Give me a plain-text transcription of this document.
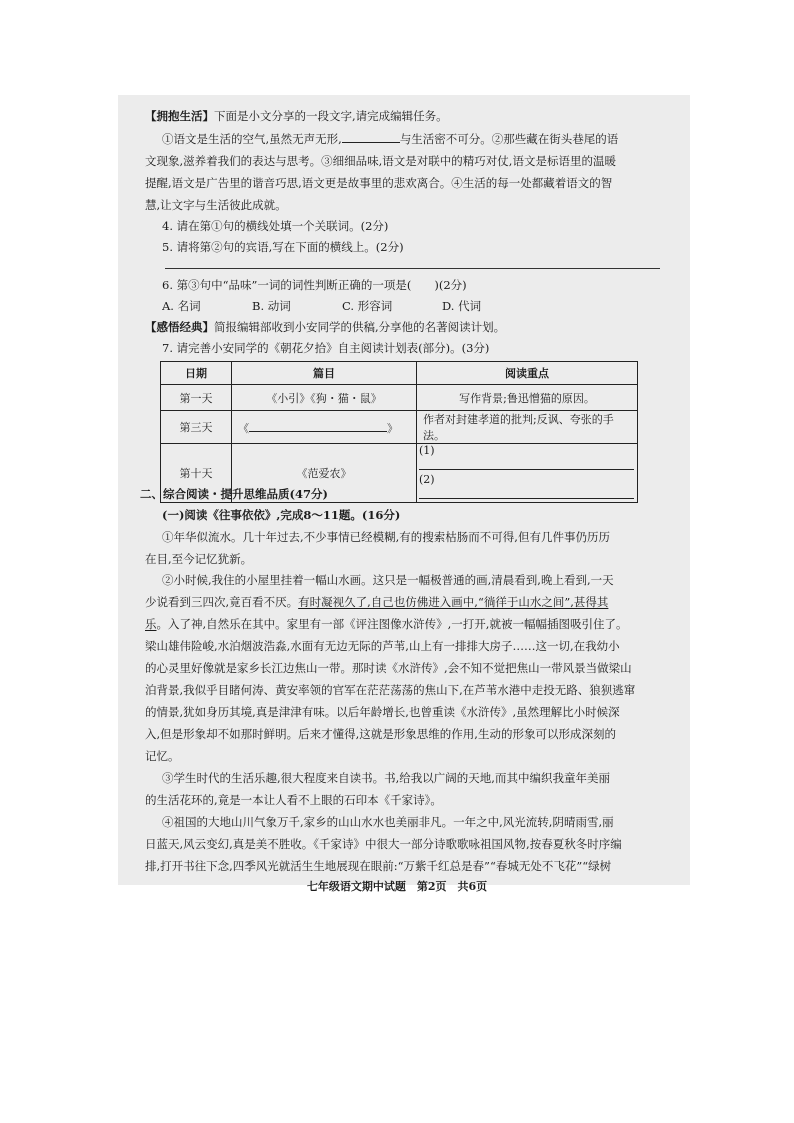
【拥抱生活】下面是小文分享的一段文字,请完成编辑任务。
①语文是生活的空气,虽然无声无形,	与生活密不可分。②那些藏在街头巷尾的语
文现象,滋养着我们的表达与思考。③细细品味,语文是对联中的精巧对仗,语文是标语里的温暖
提醒,语文是广告里的谐音巧思,语文更是故事里的悲欢离合。④生活的每一处都藏着语文的智
慧,让文字与生活彼此成就。
4. 请在第①句的横线处填一个关联词。(2分)
5. 请将第②句的宾语,写在下面的横线上。(2分)
6. 第③句中“品味”一词的词性判断正确的一项是(　　)(2分)
A. 名词	B. 动词	C. 形容词	D. 代词
【感悟经典】简报编辑部收到小安同学的供稿,分享他的名著阅读计划。
7. 请完善小安同学的《朝花夕拾》自主阅读计划表(部分)。(3分)
日期	篇目	阅读重点
第一天	《小引》《狗・猫・鼠》	写作背景;鲁迅憎猫的原因。
第三天	《 》	作者对封建孝道的批判;反讽、夸张的手法。
第十天	《范爱农》	(1)
(2)
二、综合阅读・提升思维品质(47分)
(一)阅读《往事依依》,完成8～11题。(16分)
①年华似流水。几十年过去,不少事情已经模糊,有的搜索枯肠而不可得,但有几件事仍历历
在目,至今记忆犹新。
②小时候,我住的小屋里挂着一幅山水画。这只是一幅极普通的画,清晨看到,晚上看到,一天
少说看到三四次,竟百看不厌。有时凝视久了,自己也仿佛进入画中,“徜徉于山水之间”,甚得其
乐。入了神,自然乐在其中。家里有一部《评注图像水浒传》,一打开,就被一幅幅插图吸引住了。
梁山雄伟险峻,水泊烟波浩淼,水面有无边无际的芦苇,山上有一排排大房子……这一切,在我幼小
的心灵里好像就是家乡长江边焦山一带。那时读《水浒传》,会不知不觉把焦山一带风景当做梁山
泊背景,我似乎目睹何涛、黄安率领的官军在茫茫荡荡的焦山下,在芦苇水港中走投无路、狼狈逃窜
的情景,犹如身历其境,真是津津有味。以后年龄增长,也曾重读《水浒传》,虽然理解比小时候深
入,但是形象却不如那时鲜明。后来才懂得,这就是形象思维的作用,生动的形象可以形成深刻的
记忆。
③学生时代的生活乐趣,很大程度来自读书。书,给我以广阔的天地,而其中编织我童年美丽
的生活花环的,竟是一本让人看不上眼的石印本《千家诗》。
④祖国的大地山川气象万千,家乡的山山水水也美丽非凡。一年之中,风光流转,阴晴雨雪,丽
日蓝天,风云变幻,真是美不胜收。《千家诗》中很大一部分诗歌歌咏祖国风物,按春夏秋冬时序编
排,打开书往下念,四季风光就活生生地展现在眼前:“万紫千红总是春”“春城无处不飞花”“绿树
七年级语文期中试题　第2页　共6页
